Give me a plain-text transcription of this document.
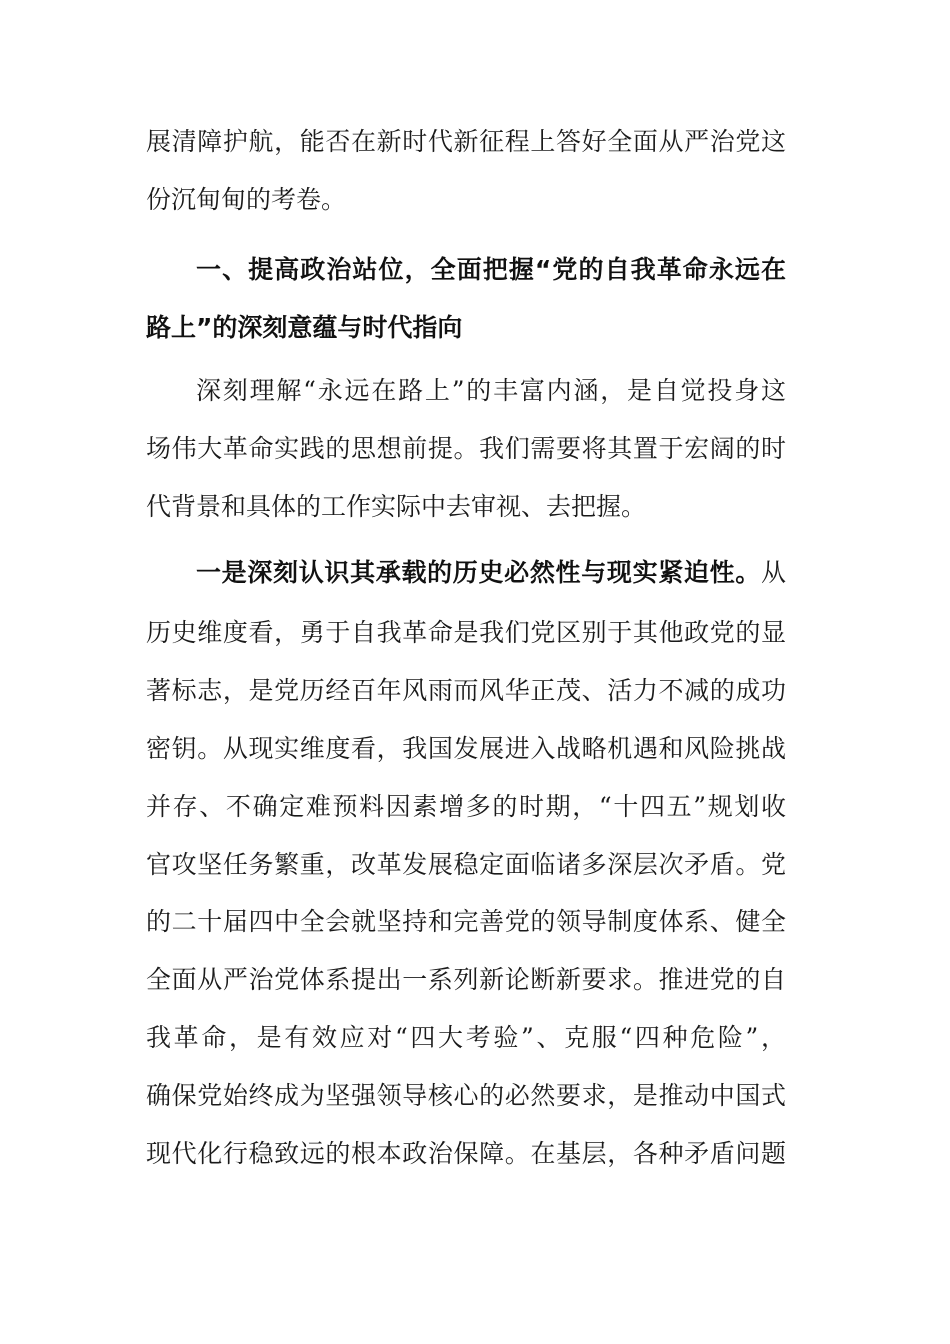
展清障护航，能否在新时代新征程上答好全面从严治党这
份沉甸甸的考卷。
一、提高政治站位，全面把握“党的自我革命永远在
路上”的深刻意蕴与时代指向
深刻理解“永远在路上”的丰富内涵，是自觉投身这
场伟大革命实践的思想前提。我们需要将其置于宏阔的时
代背景和具体的工作实际中去审视、去把握。
一是深刻认识其承载的历史必然性与现实紧迫性。从
历史维度看，勇于自我革命是我们党区别于其他政党的显
著标志，是党历经百年风雨而风华正茂、活力不减的成功
密钥。从现实维度看，我国发展进入战略机遇和风险挑战
并存、不确定难预料因素增多的时期，“十四五”规划收
官攻坚任务繁重，改革发展稳定面临诸多深层次矛盾。党
的二十届四中全会就坚持和完善党的领导制度体系、健全
全面从严治党体系提出一系列新论断新要求。推进党的自
我革命，是有效应对“四大考验”、克服“四种危险”，
确保党始终成为坚强领导核心的必然要求，是推动中国式
现代化行稳致远的根本政治保障。在基层，各种矛盾问题
